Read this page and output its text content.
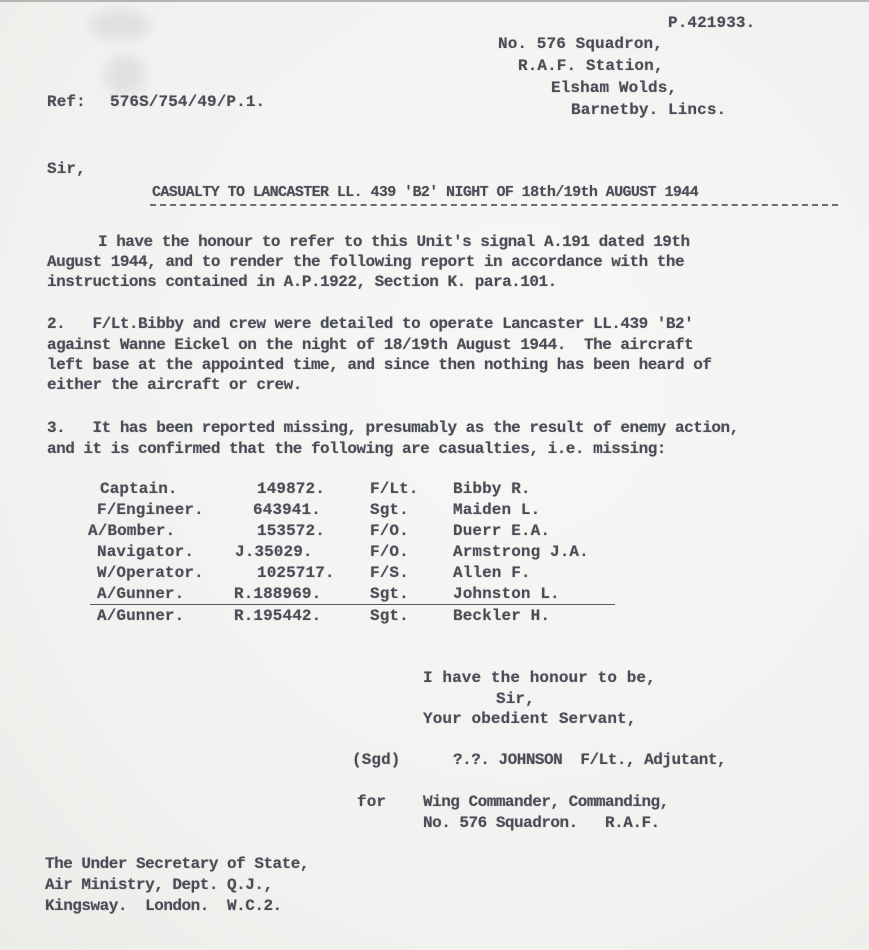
P.421933.
No. 576 Squadron,
R.A.F. Station,
Elsham Wolds,
Barnetby. Lincs.
Ref: 576S/754/49/P.1.
Sir,
CASUALTY TO LANCASTER LL. 439 'B2' NIGHT OF 18th/19th AUGUST 1944
I have the honour to refer to this Unit's signal A.191 dated 19th
August 1944, and to render the following report in accordance with the
instructions contained in A.P.1922, Section K. para.101.
2.   F/Lt.Bibby and crew were detailed to operate Lancaster LL.439 'B2'
against Wanne Eickel on the night of 18/19th August 1944.  The aircraft
left base at the appointed time, and since then nothing has been heard of
either the aircraft or crew.
3.   It has been reported missing, presumably as the result of enemy action,
and it is confirmed that the following are casualties, i.e. missing:
Captain.	149872.	F/Lt. Bibby R.
F/Engineer.	643941.	Sgt.	Maiden L.
A/Bomber.	153572.	F/O.	Duerr E.A.
Navigator.	J.35029.	F/O.	Armstrong J.A.
W/Operator.	1025717. F/S.	Allen F.
A/Gunner.	R.188969.	Sgt.	Johnston L.
A/Gunner.	R.195442.	Sgt.	Beckler H.
I have the honour to be,
Sir,
Your obedient Servant,
(Sgd)	?.?. JOHNSON  F/Lt., Adjutant,
for Wing Commander, Commanding,
No. 576 Squadron.   R.A.F.
The Under Secretary of State,
Air Ministry, Dept. Q.J.,
Kingsway.  London.  W.C.2.
